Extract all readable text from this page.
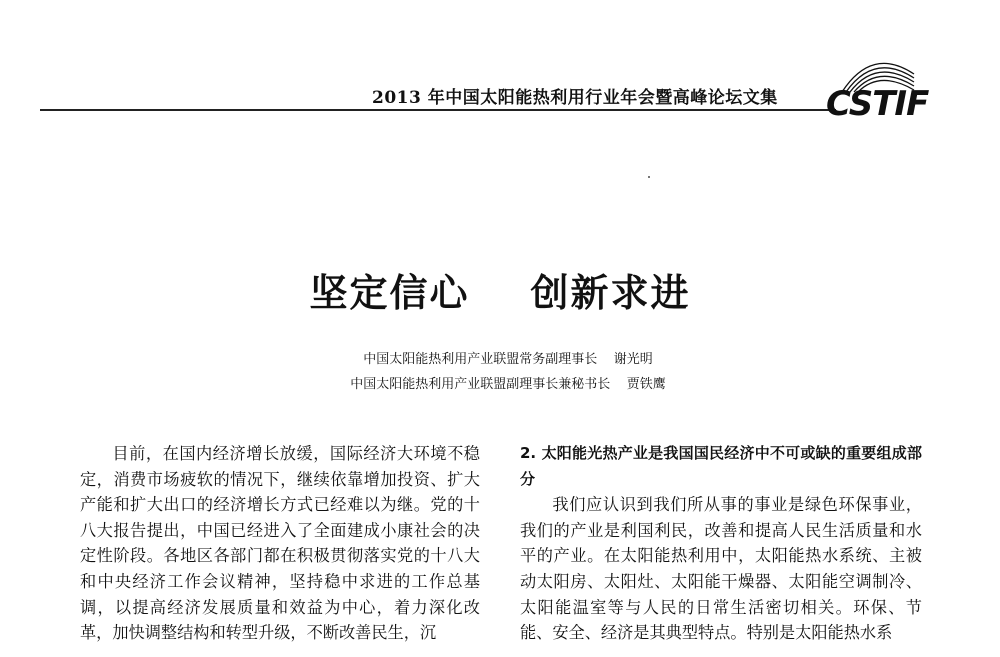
2013 年中国太阳能热利用行业年会暨高峰论坛文集 CSTIF
坚定信心    创新求进
中国太阳能热利用产业联盟常务副理事长    谢光明
中国太阳能热利用产业联盟副理事长兼秘书长    贾铁鹰

目前，在国内经济增长放缓，国际经济大环境不稳定，消费市场疲软的情况下，继续依靠增加投资、扩大产能和扩大出口的经济增长方式已经难以为继。党的十八大报告提出，中国已经进入了全面建成小康社会的决定性阶段。各地区各部门都在积极贯彻落实党的十八大和中央经济工作会议精神，坚持稳中求进的工作总基调，以提高经济发展质量和效益为中心，着力深化改革，加快调整结构和转型升级，不断改善民生，沉

2. 太阳能光热产业是我国国民经济中不可或缺的重要组成部分

我们应认识到我们所从事的事业是绿色环保事业，我们的产业是利国利民，改善和提高人民生活质量和水平的产业。在太阳能热利用中，太阳能热水系统、主被动太阳房、太阳灶、太阳能干燥器、太阳能空调制冷、太阳能温室等与人民的日常生活密切相关。环保、节能、安全、经济是其典型特点。特别是太阳能热水系
